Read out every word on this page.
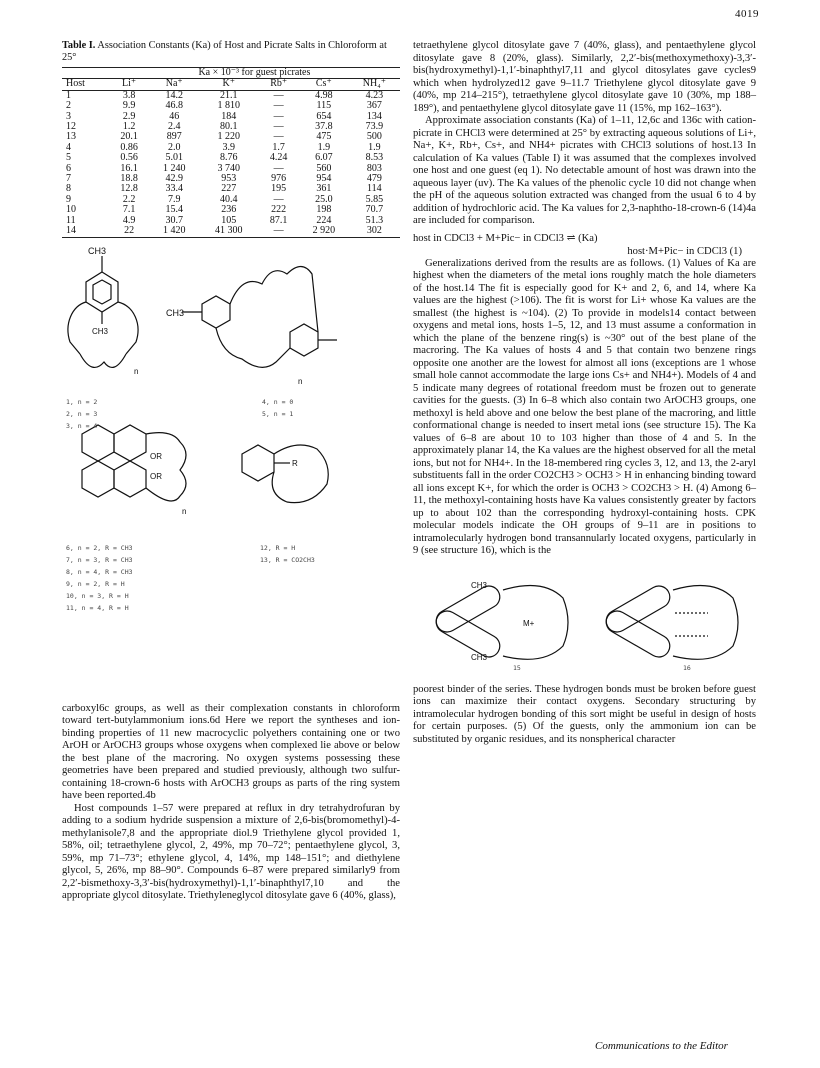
4019

Table I. Association Constants (Ka) of Host and Picrate Salts in Chloroform at 25°

	Ka × 10⁻³ for guest picrates					
Host	Li⁺	Na⁺	K⁺	Rb⁺	Cs⁺	NH₄⁺
1	3.8	14.2	21.1	—	4.98	4.23
2	9.9	46.8	1 810	—	115	367
3	2.9	46	184	—	654	134
12	1.2	2.4	80.1	—	37.8	73.9
13	20.1	897	1 220	—	475	500
4	0.86	2.0	3.9	1.7	1.9	1.9
5	0.56	5.01	8.76	4.24	6.07	8.53
6	16.1	1 240	3 740	—	560	803
7	18.8	42.9	953	976	954	479
8	12.8	33.4	227	195	361	114
9	2.2	7.9	40.4	—	25.0	5.85
10	7.1	15.4	236	222	198	70.7
11	4.9	30.7	105	87.1	224	51.3
14	22	1 420	41 300	—	2 920	302
CH3
CH3
n
CH3
n
OR
OR
n
R
1, n = 2
2, n = 3
3, n = 4
4, n = 0
5, n = 1
6, n = 2, R = CH3
7, n = 3, R = CH3
8, n = 4, R = CH3
9, n = 2, R = H
10, n = 3, R = H
11, n = 4, R = H
12, R = H
13, R = CO2CH3

carboxyl6c groups, as well as their complexation constants in chloroform toward tert-butylammonium ions.6d Here we report the syntheses and ion-binding properties of 11 new macrocyclic polyethers containing one or two ArOH or ArOCH3 groups whose oxygens when complexed lie above or below the best plane of the macroring. No oxygen systems possessing these geometries have been prepared and studied previously, although two sulfur-containing 18-crown-6 hosts with ArOCH3 groups as parts of the ring system have been reported.4b

Host compounds 1–57 were prepared at reflux in dry tetrahydrofuran by adding to a sodium hydride suspension a mixture of 2,6-bis(bromomethyl)-4-methylanisole7,8 and the appropriate diol.9 Triethylene glycol provided 1, 58%, oil; tetraethylene glycol, 2, 49%, mp 70–72°; pentaethylene glycol, 3, 59%, mp 71–73°; ethylene glycol, 4, 14%, mp 148–151°; and diethylene glycol, 5, 26%, mp 88–90°. Compounds 6–87 were prepared similarly9 from 2,2′-bismethoxy-3,3′-bis(hydroxymethyl)-1,1′-binaphthyl7,10 and the appropriate glycol ditosylate. Triethyleneglycol ditosylate gave 6 (40%, glass),

tetraethylene glycol ditosylate gave 7 (40%, glass), and pentaethylene glycol ditosylate gave 8 (20%, glass). Similarly, 2,2′-bis(methoxymethoxy)-3,3′-bis(hydroxymethyl)-1,1′-binaphthyl7,11 and glycol ditosylates gave cycles9 which when hydrolyzed12 gave 9–11.7 Triethylene glycol ditosylate gave 9 (40%, mp 214–215°), tetraethylene glycol ditosylate gave 10 (30%, mp 188–189°), and pentaethylene glycol ditosylate gave 11 (15%, mp 162–163°).

Approximate association constants (Ka) of 1–11, 12,6c and 136c with cation-picrate in CHCl3 were determined at 25° by extracting aqueous solutions of Li+, Na+, K+, Rb+, Cs+, and NH4+ picrates with CHCl3 solutions of host.13 In calculation of Ka values (Table I) it was assumed that the complexes involved one host and one guest (eq 1). No detectable amount of host was drawn into the aqueous layer (uv). The Ka values of the phenolic cycle 10 did not change when the pH of the aqueous solution extracted was changed from the usual 6 to 4 by addition of hydrochloric acid. The Ka values for 2,3-naphtho-18-crown-6 (14)4a are included for comparison.

host in CDCl3 + M+Pic− in CDCl3 ⇌ (Ka)
host·M+Pic− in CDCl3 (1)

Generalizations derived from the results are as follows. (1) Values of Ka are highest when the diameters of the metal ions roughly match the hole diameters of the host.14 The fit is especially good for K+ and 2, 6, and 14, where Ka values are the highest (>106). The fit is worst for Li+ whose Ka values are the smallest (the highest is ~104). (2) To provide in models14 contact between oxygens and metal ions, hosts 1–5, 12, and 13 must assume a conformation in which the plane of the benzene ring(s) is ~30° out of the best plane of the macroring. The Ka values of hosts 4 and 5 that contain two benzene rings opposite one another are the lowest for almost all ions (exceptions are 1 whose small hole cannot accommodate the large ions Cs+ and NH4+). Models of 4 and 5 indicate many degrees of rotational freedom must be frozen out to generate cavities for the guests. (3) In 6–8 which also contain two ArOCH3 groups, one methoxyl is held above and one below the best plane of the macroring, and little conformational change is needed to insert metal ions (see structure 15). The Ka values of 6–8 are about 10 to 103 higher than those of 4 and 5. In the approximately planar 14, the Ka values are the highest observed for all the metal ions, but not for NH4+. In the 18-membered ring cycles 3, 12, and 13, the 2-aryl substituents fall in the order CO2CH3 > OCH3 > H in enhancing binding toward all ions except K+, for which the order is OCH3 > CO2CH3 > H. (4) Among 6–11, the methoxyl-containing hosts have Ka values consistently greater by factors up to about 102 than the corresponding hydroxyl-containing hosts. CPK molecular models indicate the OH groups of 9–11 are in positions to intramolecularly hydrogen bond transannularly located oxygens, particularly in 9 (see structure 16), which is the

CH3
CH3
M+
15	16

poorest binder of the series. These hydrogen bonds must be broken before guest ions can maximize their contact oxygens. Secondary structuring by intramolecular hydrogen bonding of this sort might be useful in design of hosts for certain purposes. (5) Of the guests, only the ammonium ion can be substituted by organic residues, and its nonspherical character

Communications to the Editor
